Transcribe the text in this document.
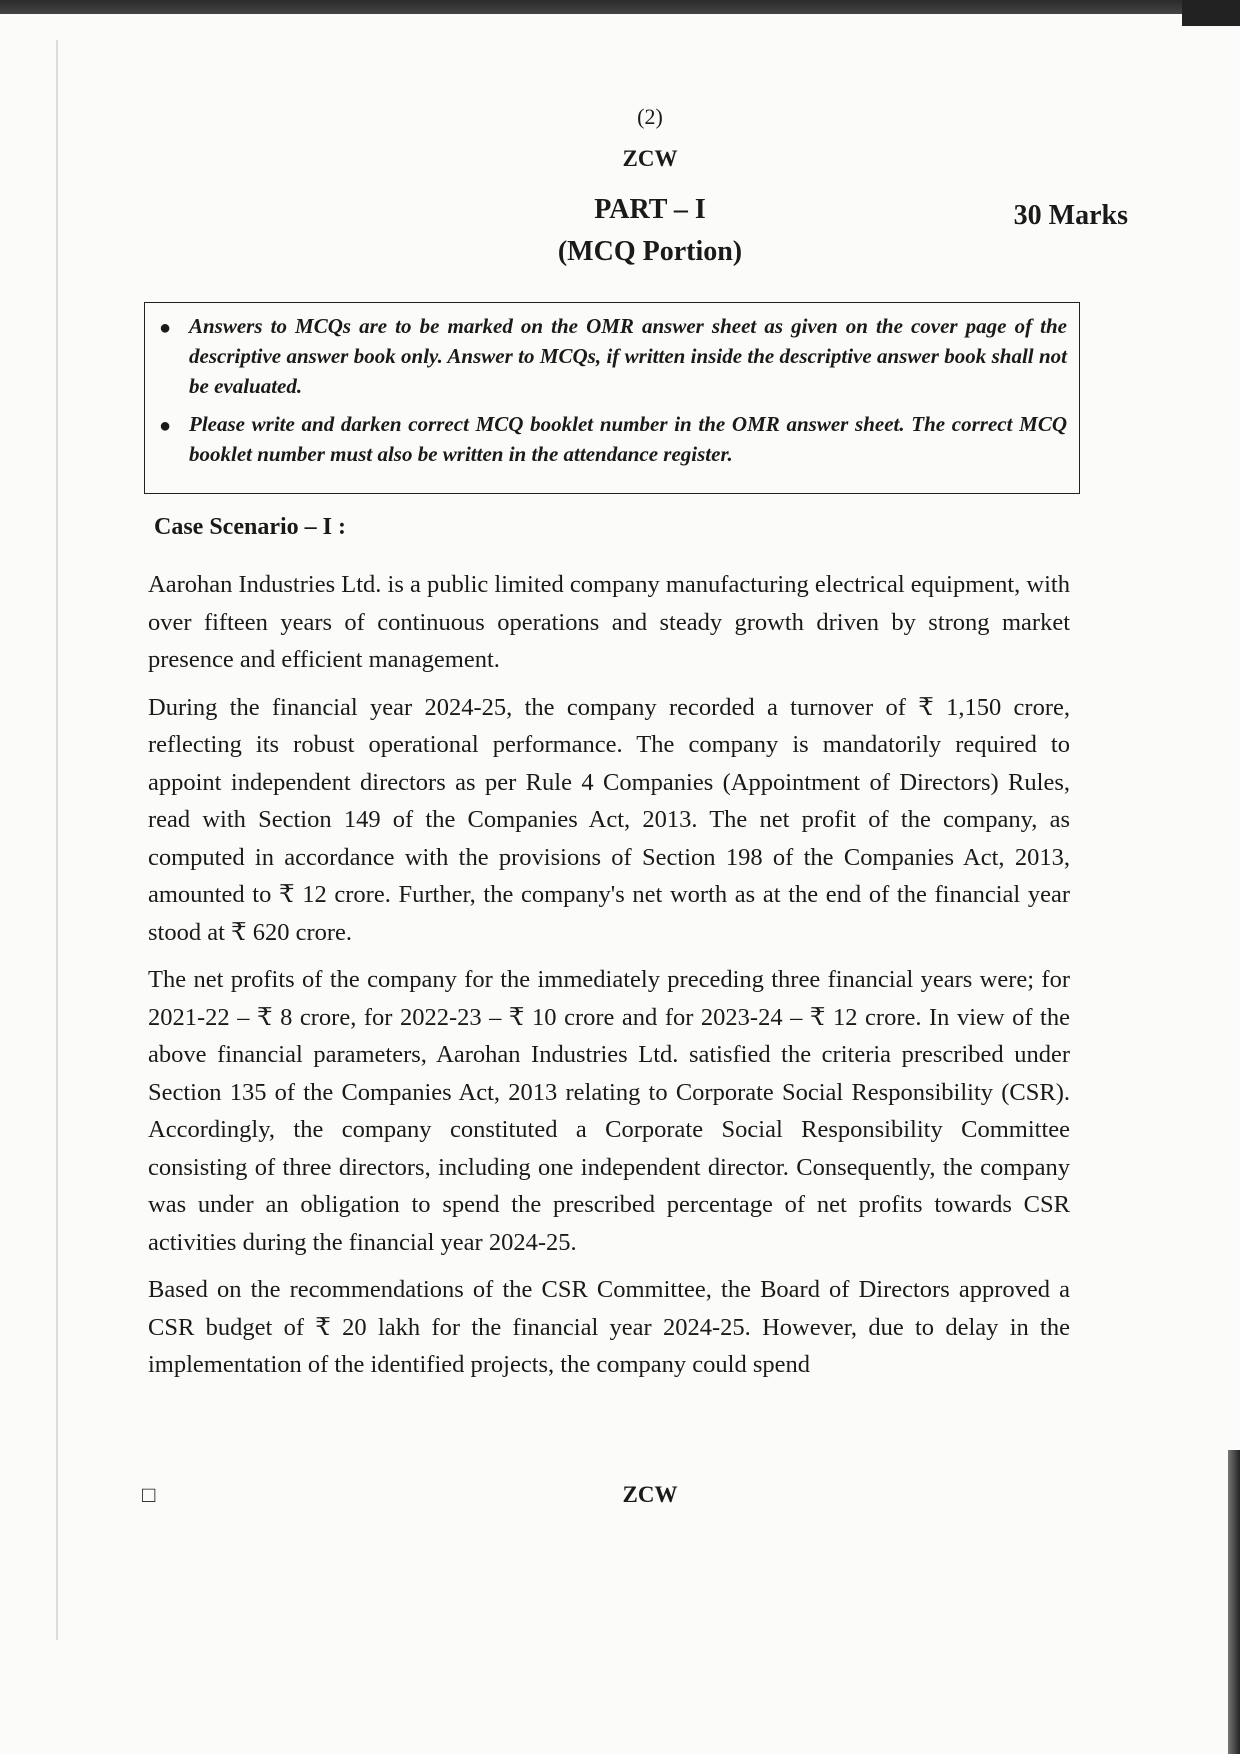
(2)
ZCW
PART – I	30 Marks
(MCQ Portion)
● Answers to MCQs are to be marked on the OMR answer sheet as given on the cover page of the descriptive answer book only. Answer to MCQs, if written inside the descriptive answer book shall not be evaluated.
● Please write and darken correct MCQ booklet number in the OMR answer sheet. The correct MCQ booklet number must also be written in the attendance register.
Case Scenario – I :

Aarohan Industries Ltd. is a public limited company manufacturing electrical equipment, with over fifteen years of continuous operations and steady growth driven by strong market presence and efficient management.

During the financial year 2024-25, the company recorded a turnover of ₹ 1,150 crore, reflecting its robust operational performance. The company is mandatorily required to appoint independent directors as per Rule 4 Companies (Appointment of Directors) Rules, read with Section 149 of the Companies Act, 2013. The net profit of the company, as computed in accordance with the provisions of Section 198 of the Companies Act, 2013, amounted to ₹ 12 crore. Further, the company's net worth as at the end of the financial year stood at ₹ 620 crore.

The net profits of the company for the immediately preceding three financial years were; for 2021-22 – ₹ 8 crore, for 2022-23 – ₹ 10 crore and for 2023-24 – ₹ 12 crore. In view of the above financial parameters, Aarohan Industries Ltd. satisfied the criteria prescribed under Section 135 of the Companies Act, 2013 relating to Corporate Social Responsibility (CSR). Accordingly, the company constituted a Corporate Social Responsibility Committee consisting of three directors, including one independent director. Consequently, the company was under an obligation to spend the prescribed percentage of net profits towards CSR activities during the financial year 2024-25.

Based on the recommendations of the CSR Committee, the Board of Directors approved a CSR budget of ₹ 20 lakh for the financial year 2024-25. However, due to delay in the implementation of the identified projects, the company could spend

□	ZCW
